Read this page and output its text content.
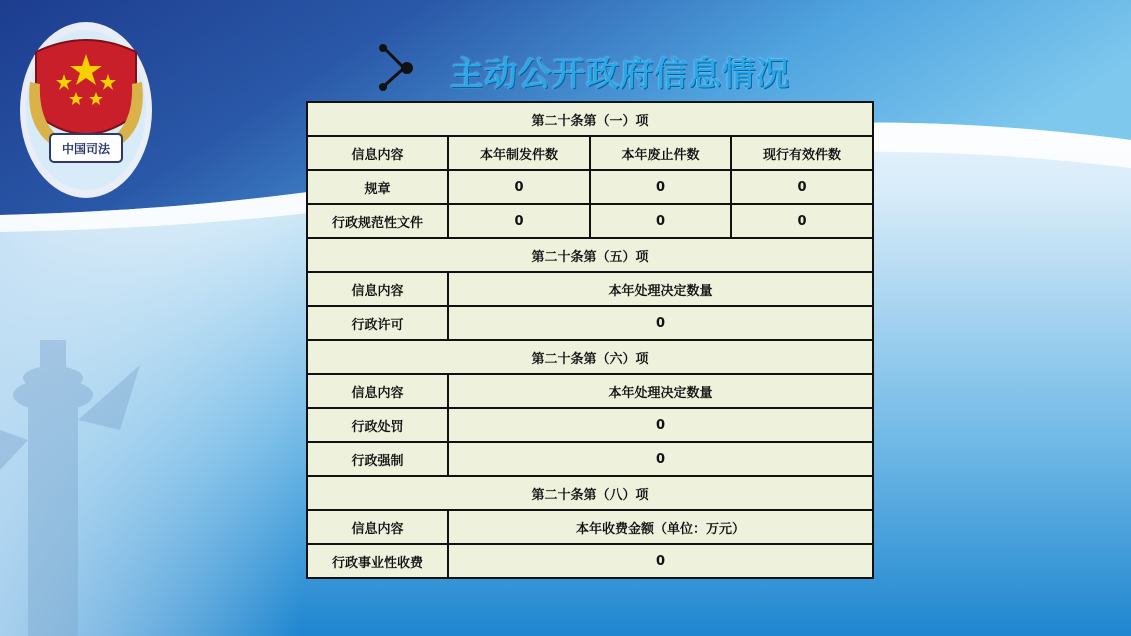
中国司法
主动公开政府信息情况
第二十条第（一）项			
信息内容	本年制发件数	本年废止件数	现行有效件数
规章	0	0	0
行政规范性文件	0	0	0
第二十条第（五）项			
信息内容	本年处理决定数量		
行政许可	0		
第二十条第（六）项			
信息内容	本年处理决定数量		
行政处罚	0		
行政强制	0		
第二十条第（八）项			
信息内容	本年收费金额（单位：万元）		
行政事业性收费	0		
